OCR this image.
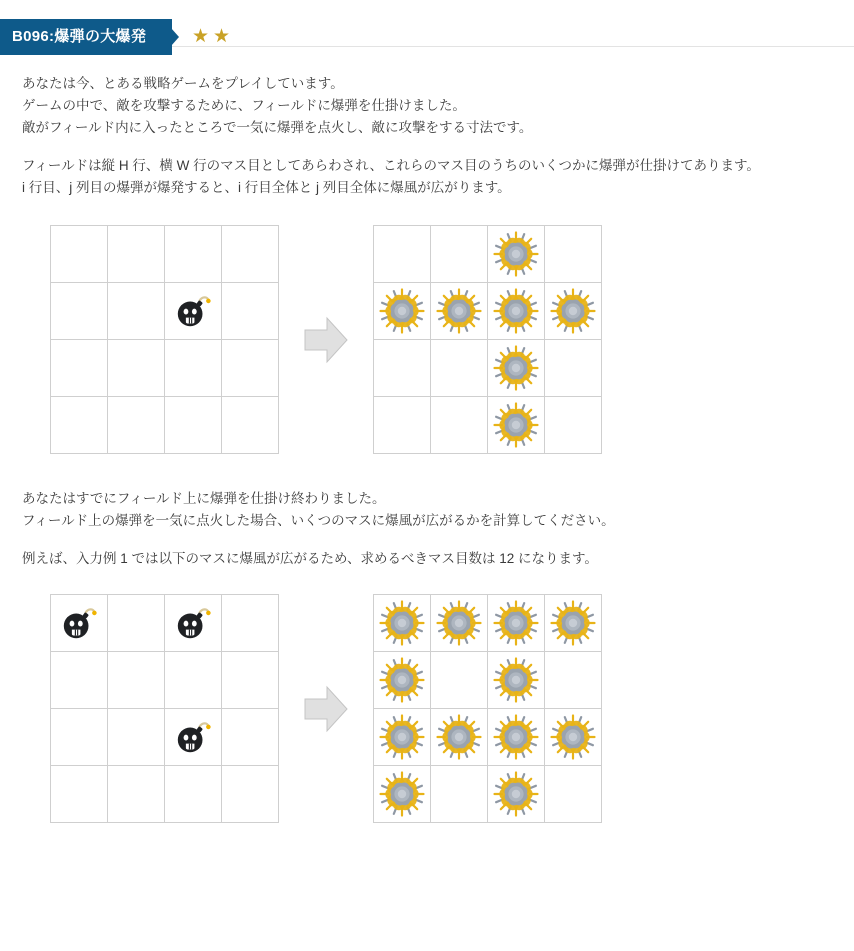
B096:爆弾の大爆発	★★
あなたは今、とある戦略ゲームをプレイしています。
ゲームの中で、敵を攻撃するために、フィールドに爆弾を仕掛けました。
敵がフィールド内に入ったところで一気に爆弾を点火し、敵に攻撃をする寸法です。
フィールドは縦 H 行、横 W 行のマス目としてあらわされ、これらのマス目のうちのいくつかに爆弾が仕掛けてあります。
i 行目、j 列目の爆弾が爆発すると、i 行目全体と j 列目全体に爆風が広がります。

あなたはすでにフィールド上に爆弾を仕掛け終わりました。
フィールド上の爆弾を一気に点火した場合、いくつのマスに爆風が広がるかを計算してください。
例えば、入力例 1 では以下のマスに爆風が広がるため、求めるべきマス目数は 12 になります。
